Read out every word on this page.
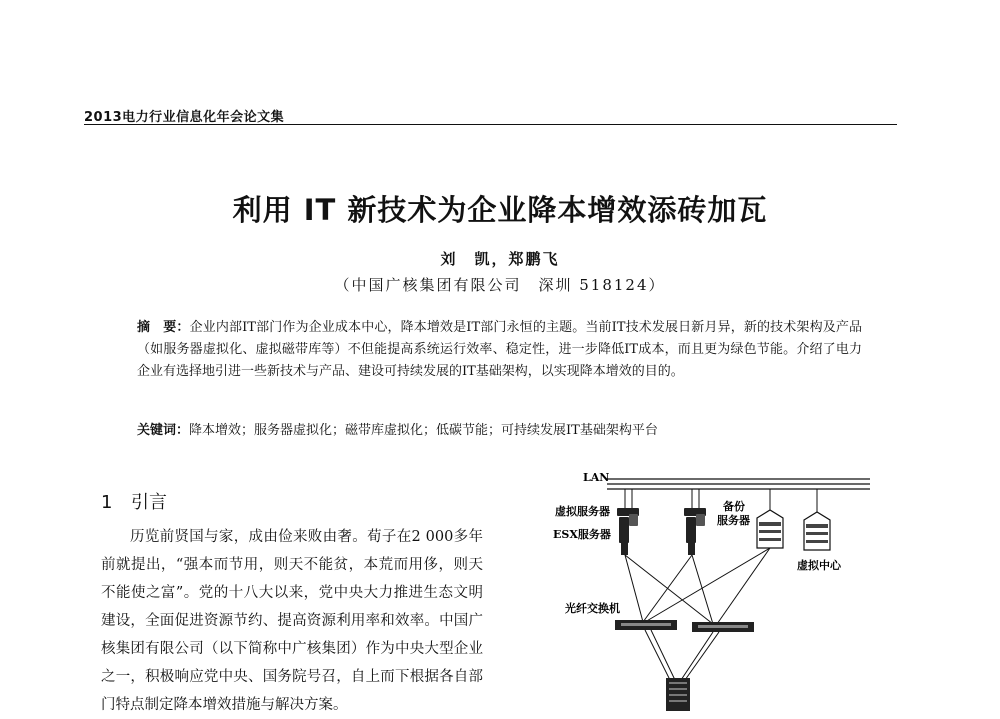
2013电力行业信息化年会论文集
利用 IT 新技术为企业降本增效添砖加瓦
刘　凯，郑鹏飞
（中国广核集团有限公司　深圳 518124）
摘　要：企业内部IT部门作为企业成本中心，降本增效是IT部门永恒的主题。当前IT技术发展日新月异，新的技术架构及产品（如服务器虚拟化、虚拟磁带库等）不但能提高系统运行效率、稳定性，进一步降低IT成本，而且更为绿色节能。介绍了电力企业有选择地引进一些新技术与产品、建设可持续发展的IT基础架构，以实现降本增效的目的。
关键词：降本增效；服务器虚拟化；磁带库虚拟化；低碳节能；可持续发展IT基础架构平台
1 引言
历览前贤国与家，成由俭来败由奢。荀子在2 000多年前就提出，“强本而节用，则天不能贫，本荒而用侈，则天不能使之富”。党的十八大以来，党中央大力推进生态文明建设，全面促进资源节约、提高资源利用率和效率。中国广核集团有限公司（以下简称中广核集团）作为中央大型企业之一，积极响应党中央、国务院号召，自上而下根据各自部门特点制定降本增效措施与解决方案。
LAN
虚拟服务器
ESX服务器
备份
服务器
虚拟中心
光纤交换机
